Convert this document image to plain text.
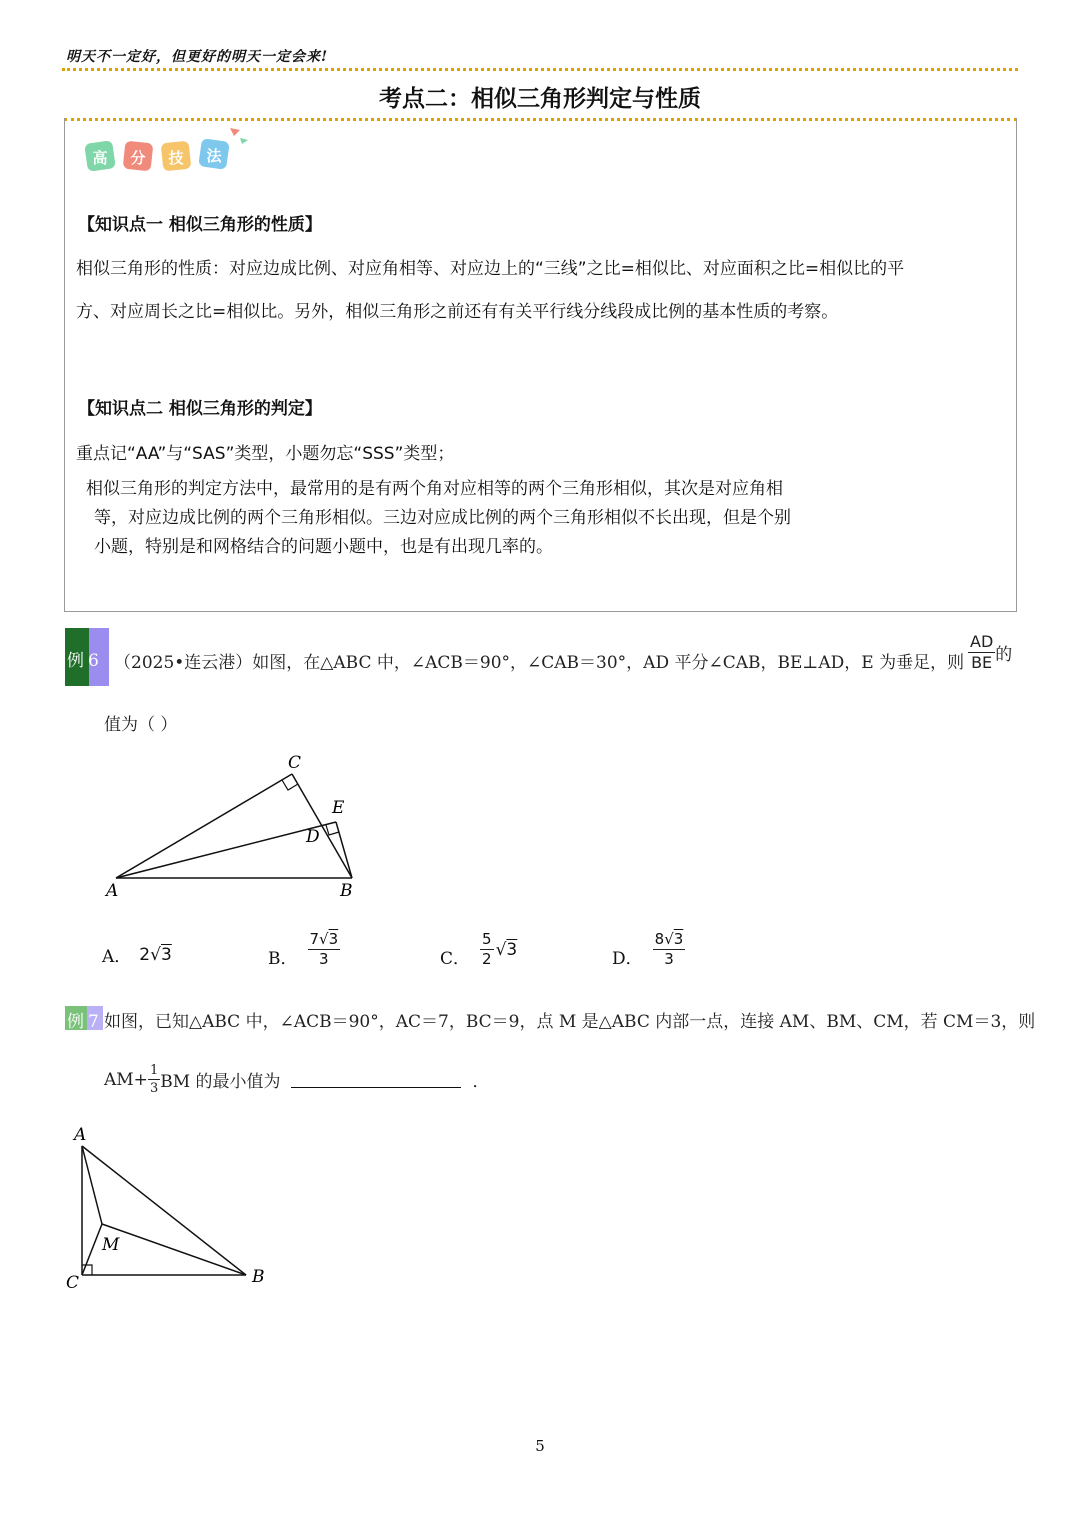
明天不一定好，但更好的明天一定会来!
考点二：相似三角形判定与性质
高 分 技 法
【知识点一 相似三角形的性质】
相似三角形的性质：对应边成比例、对应角相等、对应边上的“三线”之比=相似比、对应面积之比=相似比的平
方、对应周长之比=相似比。另外，相似三角形之前还有有关平行线分线段成比例的基本性质的考察。
【知识点二 相似三角形的判定】
重点记“AA”与“SAS”类型，小题勿忘“SSS”类型；
相似三角形的判定方法中，最常用的是有两个角对应相等的两个三角形相似，其次是对应角相
等，对应边成比例的两个三角形相似。三边对应成比例的两个三角形相似不长出现，但是个别
小题，特别是和网格结合的问题小题中，也是有出现几率的。
例 6 （2025•连云港）如图，在△ABC 中，∠ACB＝90°，∠CAB＝30°，AD 平分∠CAB，BE⊥AD，E 为垂足，则 $\frac{AD}{BE}$ 的
值为（ ）
A	B
C
D
E
A． 2√3	B． $\frac{7√3}{3}$	C． $\frac{5}{2} √3$	D． $\frac{8√3}{3}$
例 7 如图，已知△ABC 中，∠ACB＝90°，AC＝7，BC＝9，点 M 是△ABC 内部一点，连接 AM、BM、CM，若 CM＝3，则
$AM+ \frac{1}{3}$ BM 的最小值为	．
A
B
C
M
5
